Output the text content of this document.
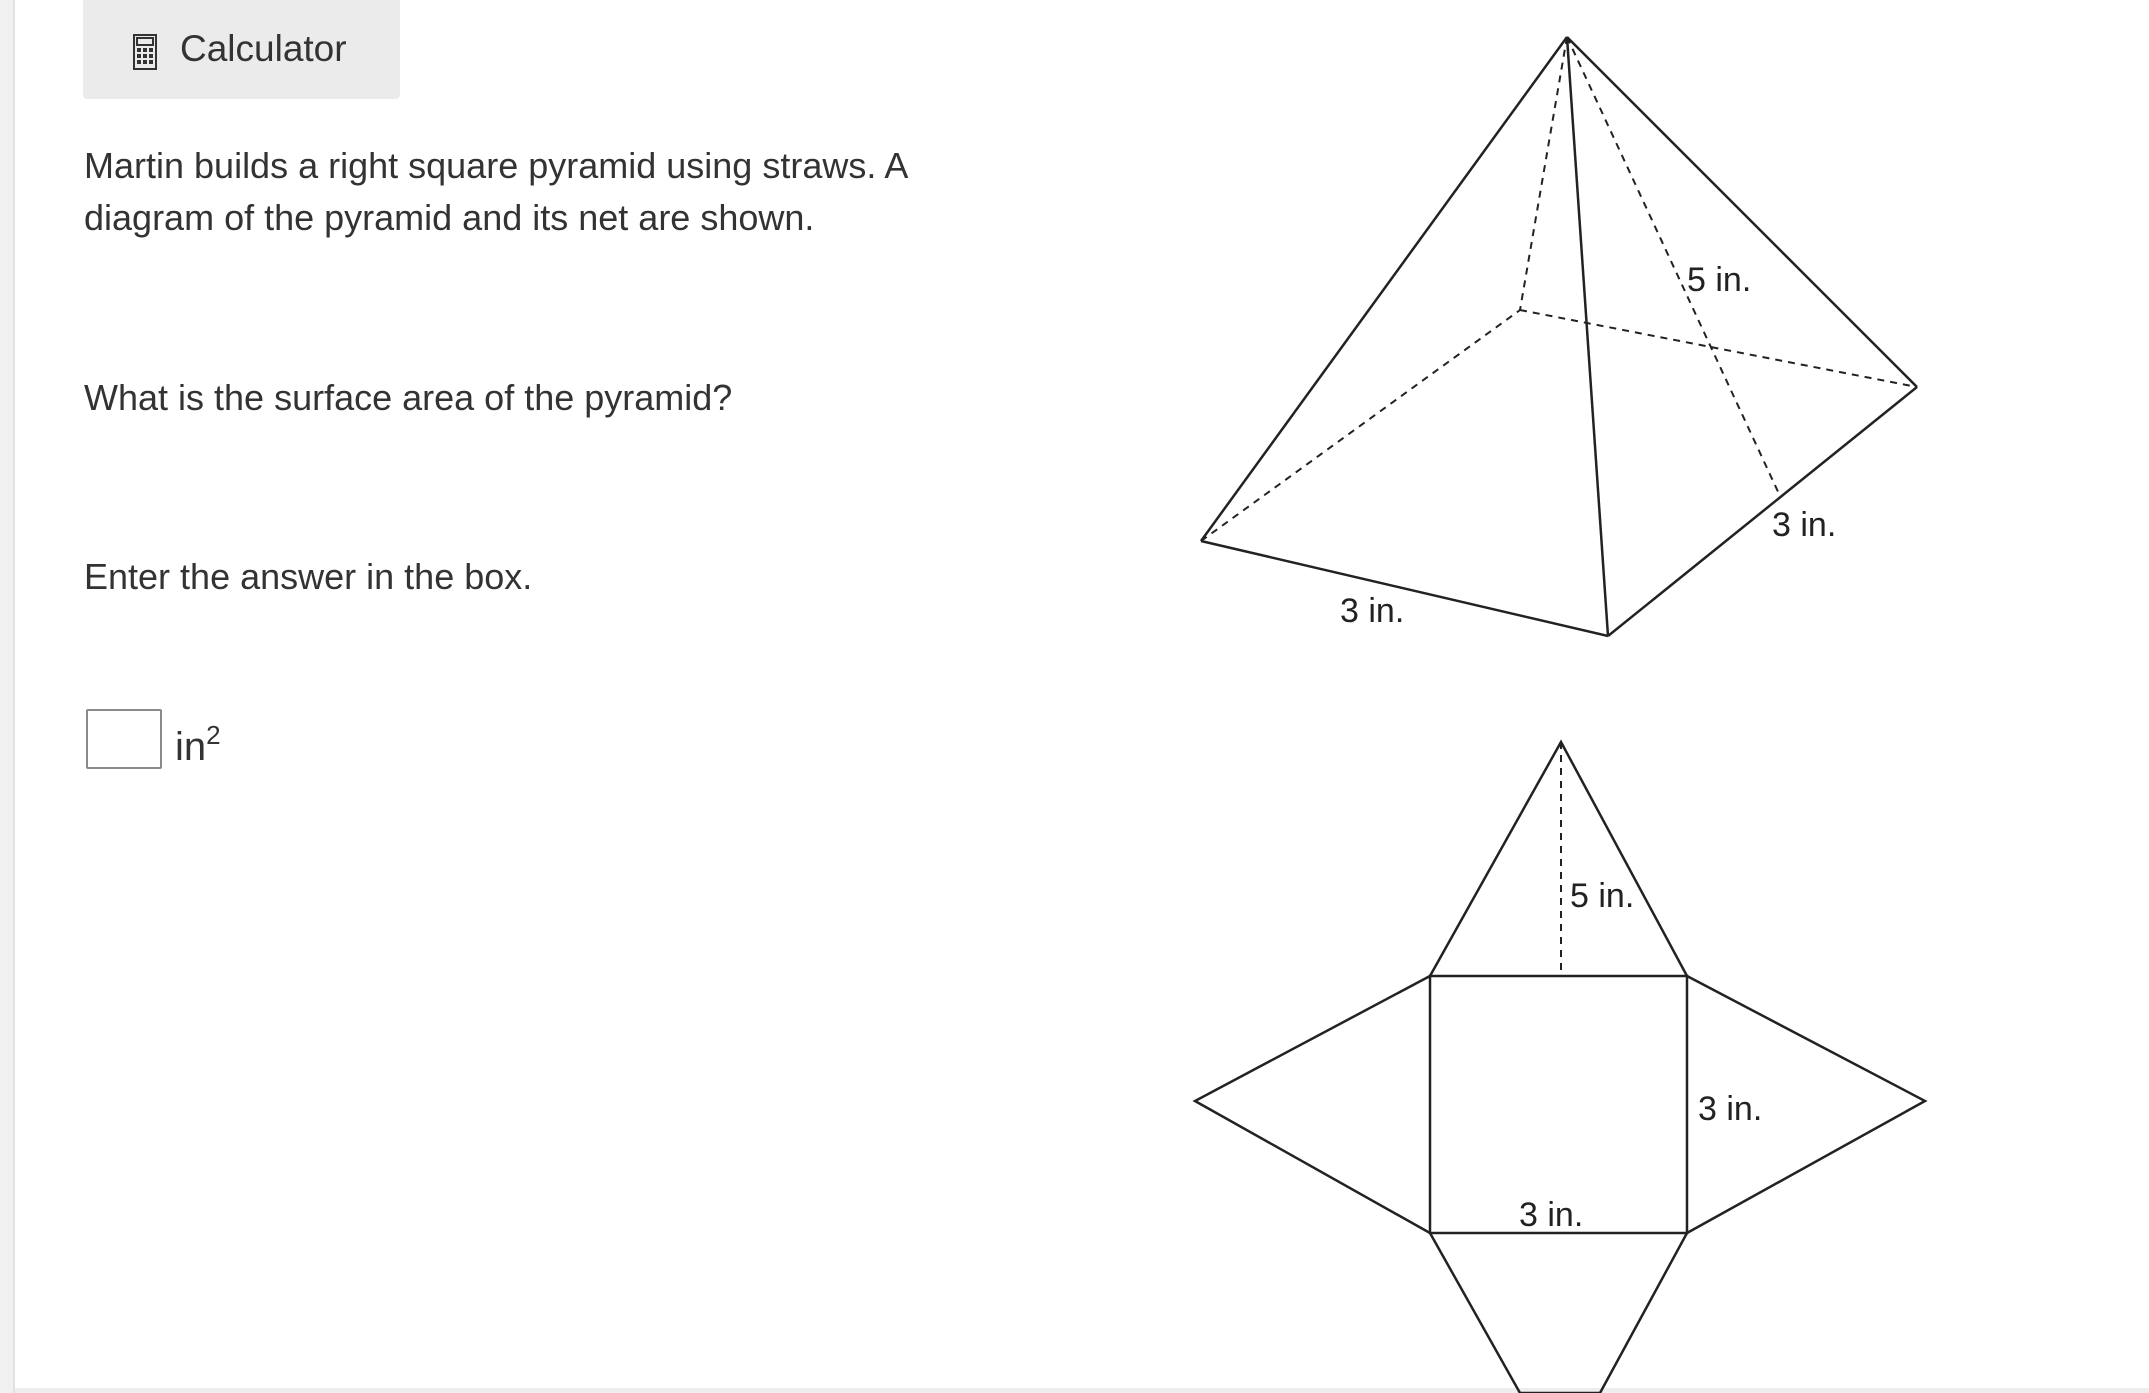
Calculator
Martin builds a right square pyramid using straws. A
diagram of the pyramid and its net are shown.
What is the surface area of the pyramid?
Enter the answer in the box.
$in^2$
5 in.
3 in.
3 in.
5 in.
3 in.
3 in.
